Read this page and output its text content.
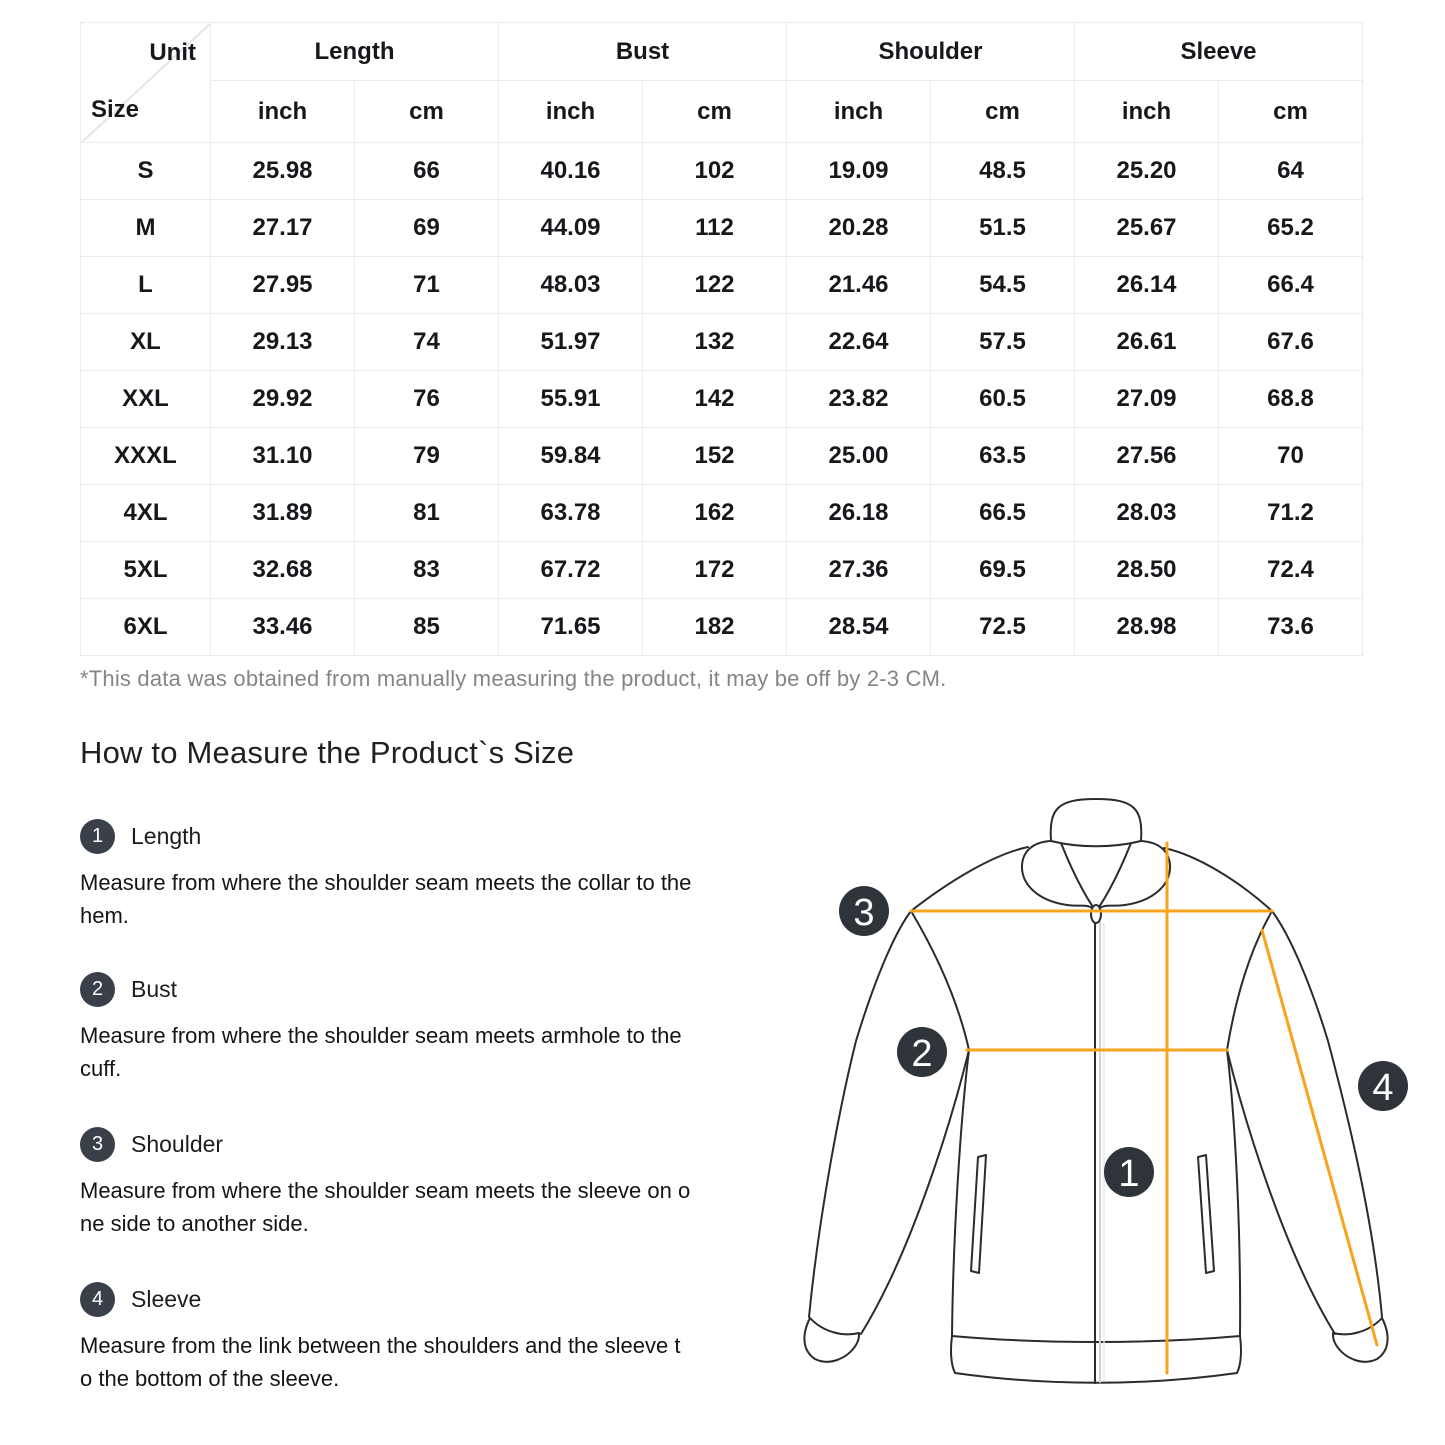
Unit
Size	Length		Bust		Shoulder		Sleeve	
	inch	cm	inch	cm	inch	cm	inch	cm
S	25.98	66	40.16	102	19.09	48.5	25.20	64
M	27.17	69	44.09	112	20.28	51.5	25.67	65.2
L	27.95	71	48.03	122	21.46	54.5	26.14	66.4
XL	29.13	74	51.97	132	22.64	57.5	26.61	67.6
XXL	29.92	76	55.91	142	23.82	60.5	27.09	68.8
XXXL	31.10	79	59.84	152	25.00	63.5	27.56	70
4XL	31.89	81	63.78	162	26.18	66.5	28.03	71.2
5XL	32.68	83	67.72	172	27.36	69.5	28.50	72.4
6XL	33.46	85	71.65	182	28.54	72.5	28.98	73.6
*This data was obtained from manually measuring the product, it may be off by 2-3 CM.
How to Measure the Product`s Size
1	Length
Measure from where the shoulder seam meets the collar to the
hem.
2	Bust
Measure from where the shoulder seam meets armhole to the
cuff.
3	Shoulder
Measure from where the shoulder seam meets the sleeve on o
ne side to another side.
4	Sleeve
Measure from the link between the shoulders and the sleeve t
o the bottom of the sleeve.
1
2
3
4
